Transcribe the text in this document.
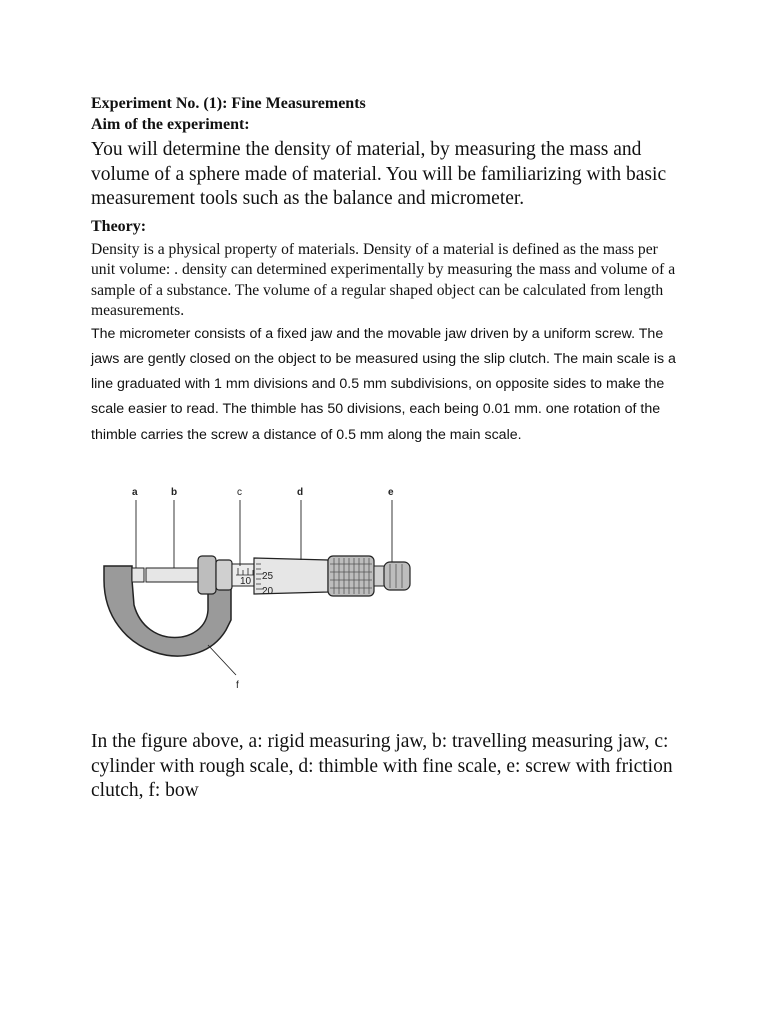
Experiment No. (1): Fine Measurements

Aim of the experiment:

You will determine the density of material, by measuring the mass and volume of a sphere made of material. You will be familiarizing with basic measurement tools such as the balance and micrometer.

Theory:

Density is a physical property of materials. Density of a material is defined as the mass per unit volume: . density can determined experimentally by measuring the mass and volume of a sample of a substance. The volume of a regular shaped object can be calculated from length measurements.

The micrometer consists of a fixed jaw and the movable jaw driven by a uniform screw. The jaws are gently closed on the object to be measured using the slip clutch. The main scale is a line graduated with 1 mm divisions and 0.5 mm subdivisions, on opposite sides to make the scale easier to read. The thimble has 50 divisions, each being 0.01 mm. one rotation of the thimble carries the screw a distance of 0.5 mm along the main scale.

25
10
20
a	b	c	d	e
f

In the figure above, a: rigid measuring jaw, b: travelling measuring jaw, c: cylinder with rough scale, d: thimble with fine scale, e: screw with friction clutch, f: bow
